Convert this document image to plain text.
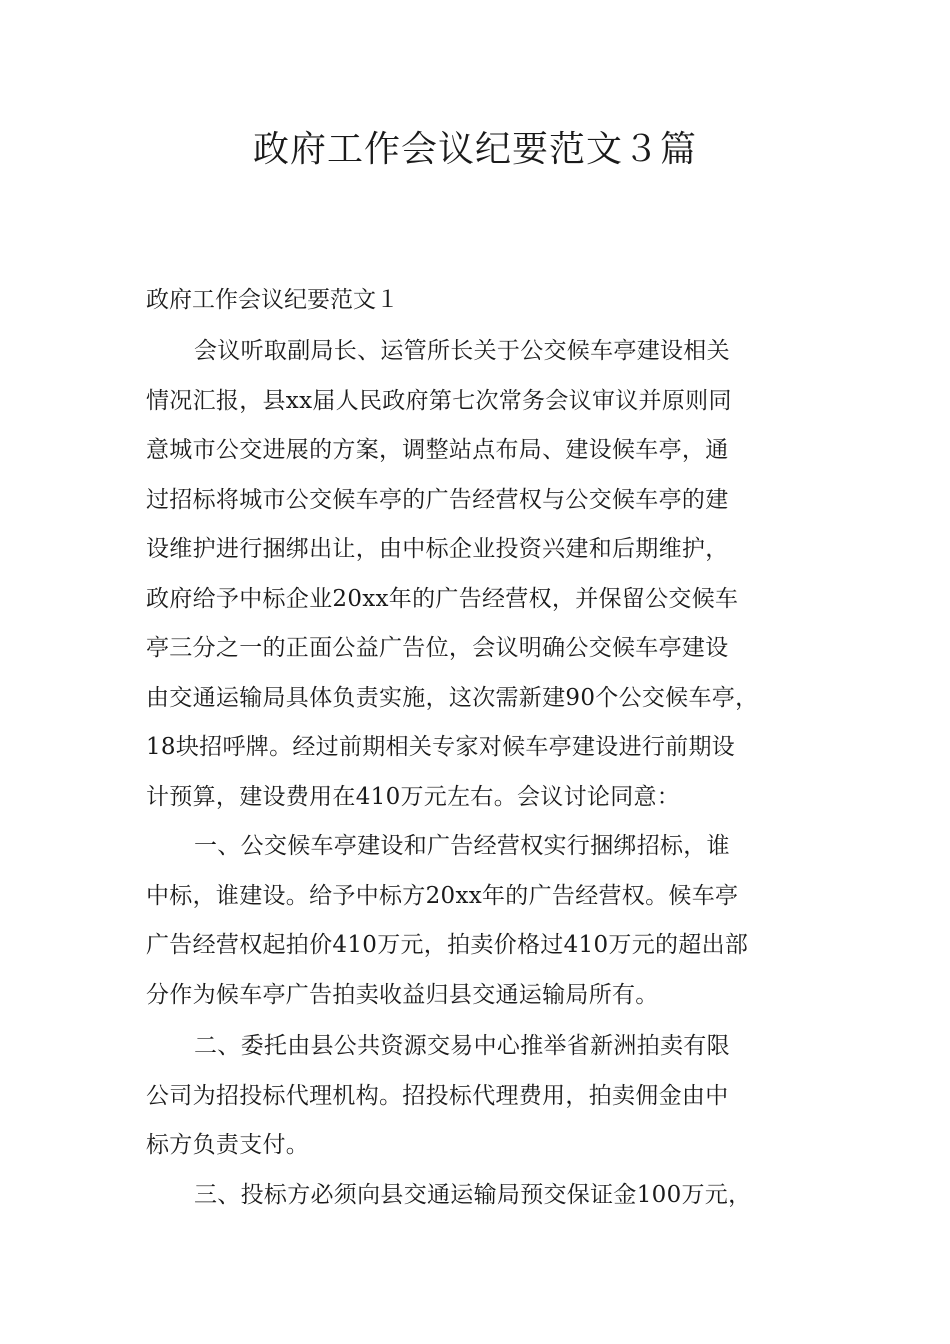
政府工作会议纪要范文３篇
政府工作会议纪要范文１
会议听取副局长、运管所长关于公交候车亭建设相关
情况汇报，县xx届人民政府第七次常务会议审议并原则同
意城市公交进展的方案，调整站点布局、建设候车亭，通
过招标将城市公交候车亭的广告经营权与公交候车亭的建
设维护进行捆绑出让，由中标企业投资兴建和后期维护，
政府给予中标企业20xx年的广告经营权，并保留公交候车
亭三分之一的正面公益广告位，会议明确公交候车亭建设
由交通运输局具体负责实施，这次需新建90个公交候车亭，
18块招呼牌。经过前期相关专家对候车亭建设进行前期设
计预算，建设费用在410万元左右。会议讨论同意：
一、公交候车亭建设和广告经营权实行捆绑招标，谁
中标，谁建设。给予中标方20xx年的广告经营权。候车亭
广告经营权起拍价410万元，拍卖价格过410万元的超出部
分作为候车亭广告拍卖收益归县交通运输局所有。
二、委托由县公共资源交易中心推举省新洲拍卖有限
公司为招投标代理机构。招投标代理费用，拍卖佣金由中
标方负责支付。
三、投标方必须向县交通运输局预交保证金100万元，
